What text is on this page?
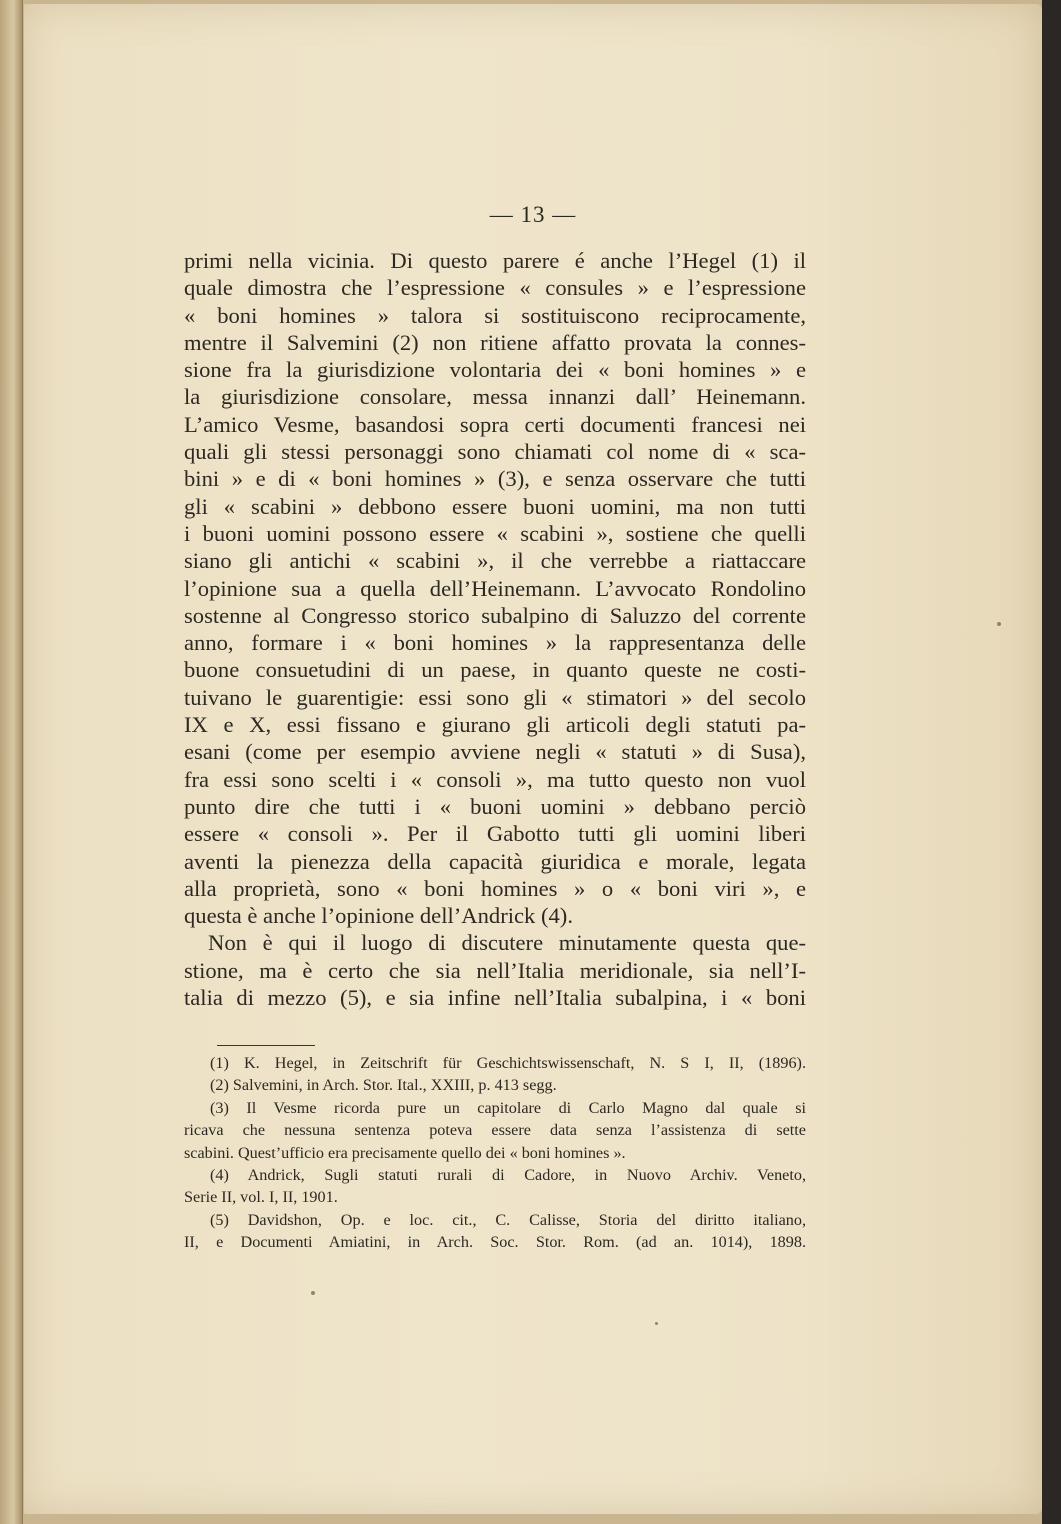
— 13 —
primi nella vicinia. Di questo parere é anche l’Hegel (1) il
quale dimostra che l’espressione « consules » e l’espressione
« boni homines » talora si sostituiscono reciprocamente,
mentre il Salvemini (2) non ritiene affatto provata la connes-
sione fra la giurisdizione volontaria dei « boni homines » e
la giurisdizione consolare, messa innanzi dall’ Heinemann.
L’amico Vesme, basandosi sopra certi documenti francesi nei
quali gli stessi personaggi sono chiamati col nome di « sca-
bini » e di « boni homines » (3), e senza osservare che tutti
gli « scabini » debbono essere buoni uomini, ma non tutti
i buoni uomini possono essere « scabini », sostiene che quelli
siano gli antichi « scabini », il che verrebbe a riattaccare
l’opinione sua a quella dell’Heinemann. L’avvocato Rondolino
sostenne al Congresso storico subalpino di Saluzzo del corrente
anno, formare i « boni homines » la rappresentanza delle
buone consuetudini di un paese, in quanto queste ne costi-
tuivano le guarentigie: essi sono gli « stimatori » del secolo
IX e X, essi fissano e giurano gli articoli degli statuti pa-
esani (come per esempio avviene negli « statuti » di Susa),
fra essi sono scelti i « consoli », ma tutto questo non vuol
punto dire che tutti i « buoni uomini » debbano perciò
essere « consoli ». Per il Gabotto tutti gli uomini liberi
aventi la pienezza della capacità giuridica e morale, legata
alla proprietà, sono « boni homines » o « boni viri », e
questa è anche l’opinione dell’Andrick (4).
Non è qui il luogo di discutere minutamente questa que-
stione, ma è certo che sia nell’Italia meridionale, sia nell’I-
talia di mezzo (5), e sia infine nell’Italia subalpina, i « boni
(1) K. Hegel, in Zeitschrift für Geschichtswissenschaft, N. S I, II, (1896).
(2) Salvemini, in Arch. Stor. Ital., XXIII, p. 413 segg.
(3) Il Vesme ricorda pure un capitolare di Carlo Magno dal quale si
ricava che nessuna sentenza poteva essere data senza l’assistenza di sette
scabini. Quest’ufficio era precisamente quello dei « boni homines ».
(4) Andrick, Sugli statuti rurali di Cadore, in Nuovo Archiv. Veneto,
Serie II, vol. I, II, 1901.
(5) Davidshon, Op. e loc. cit., C. Calisse, Storia del diritto italiano,
II, e Documenti Amiatini, in Arch. Soc. Stor. Rom. (ad an. 1014), 1898.
